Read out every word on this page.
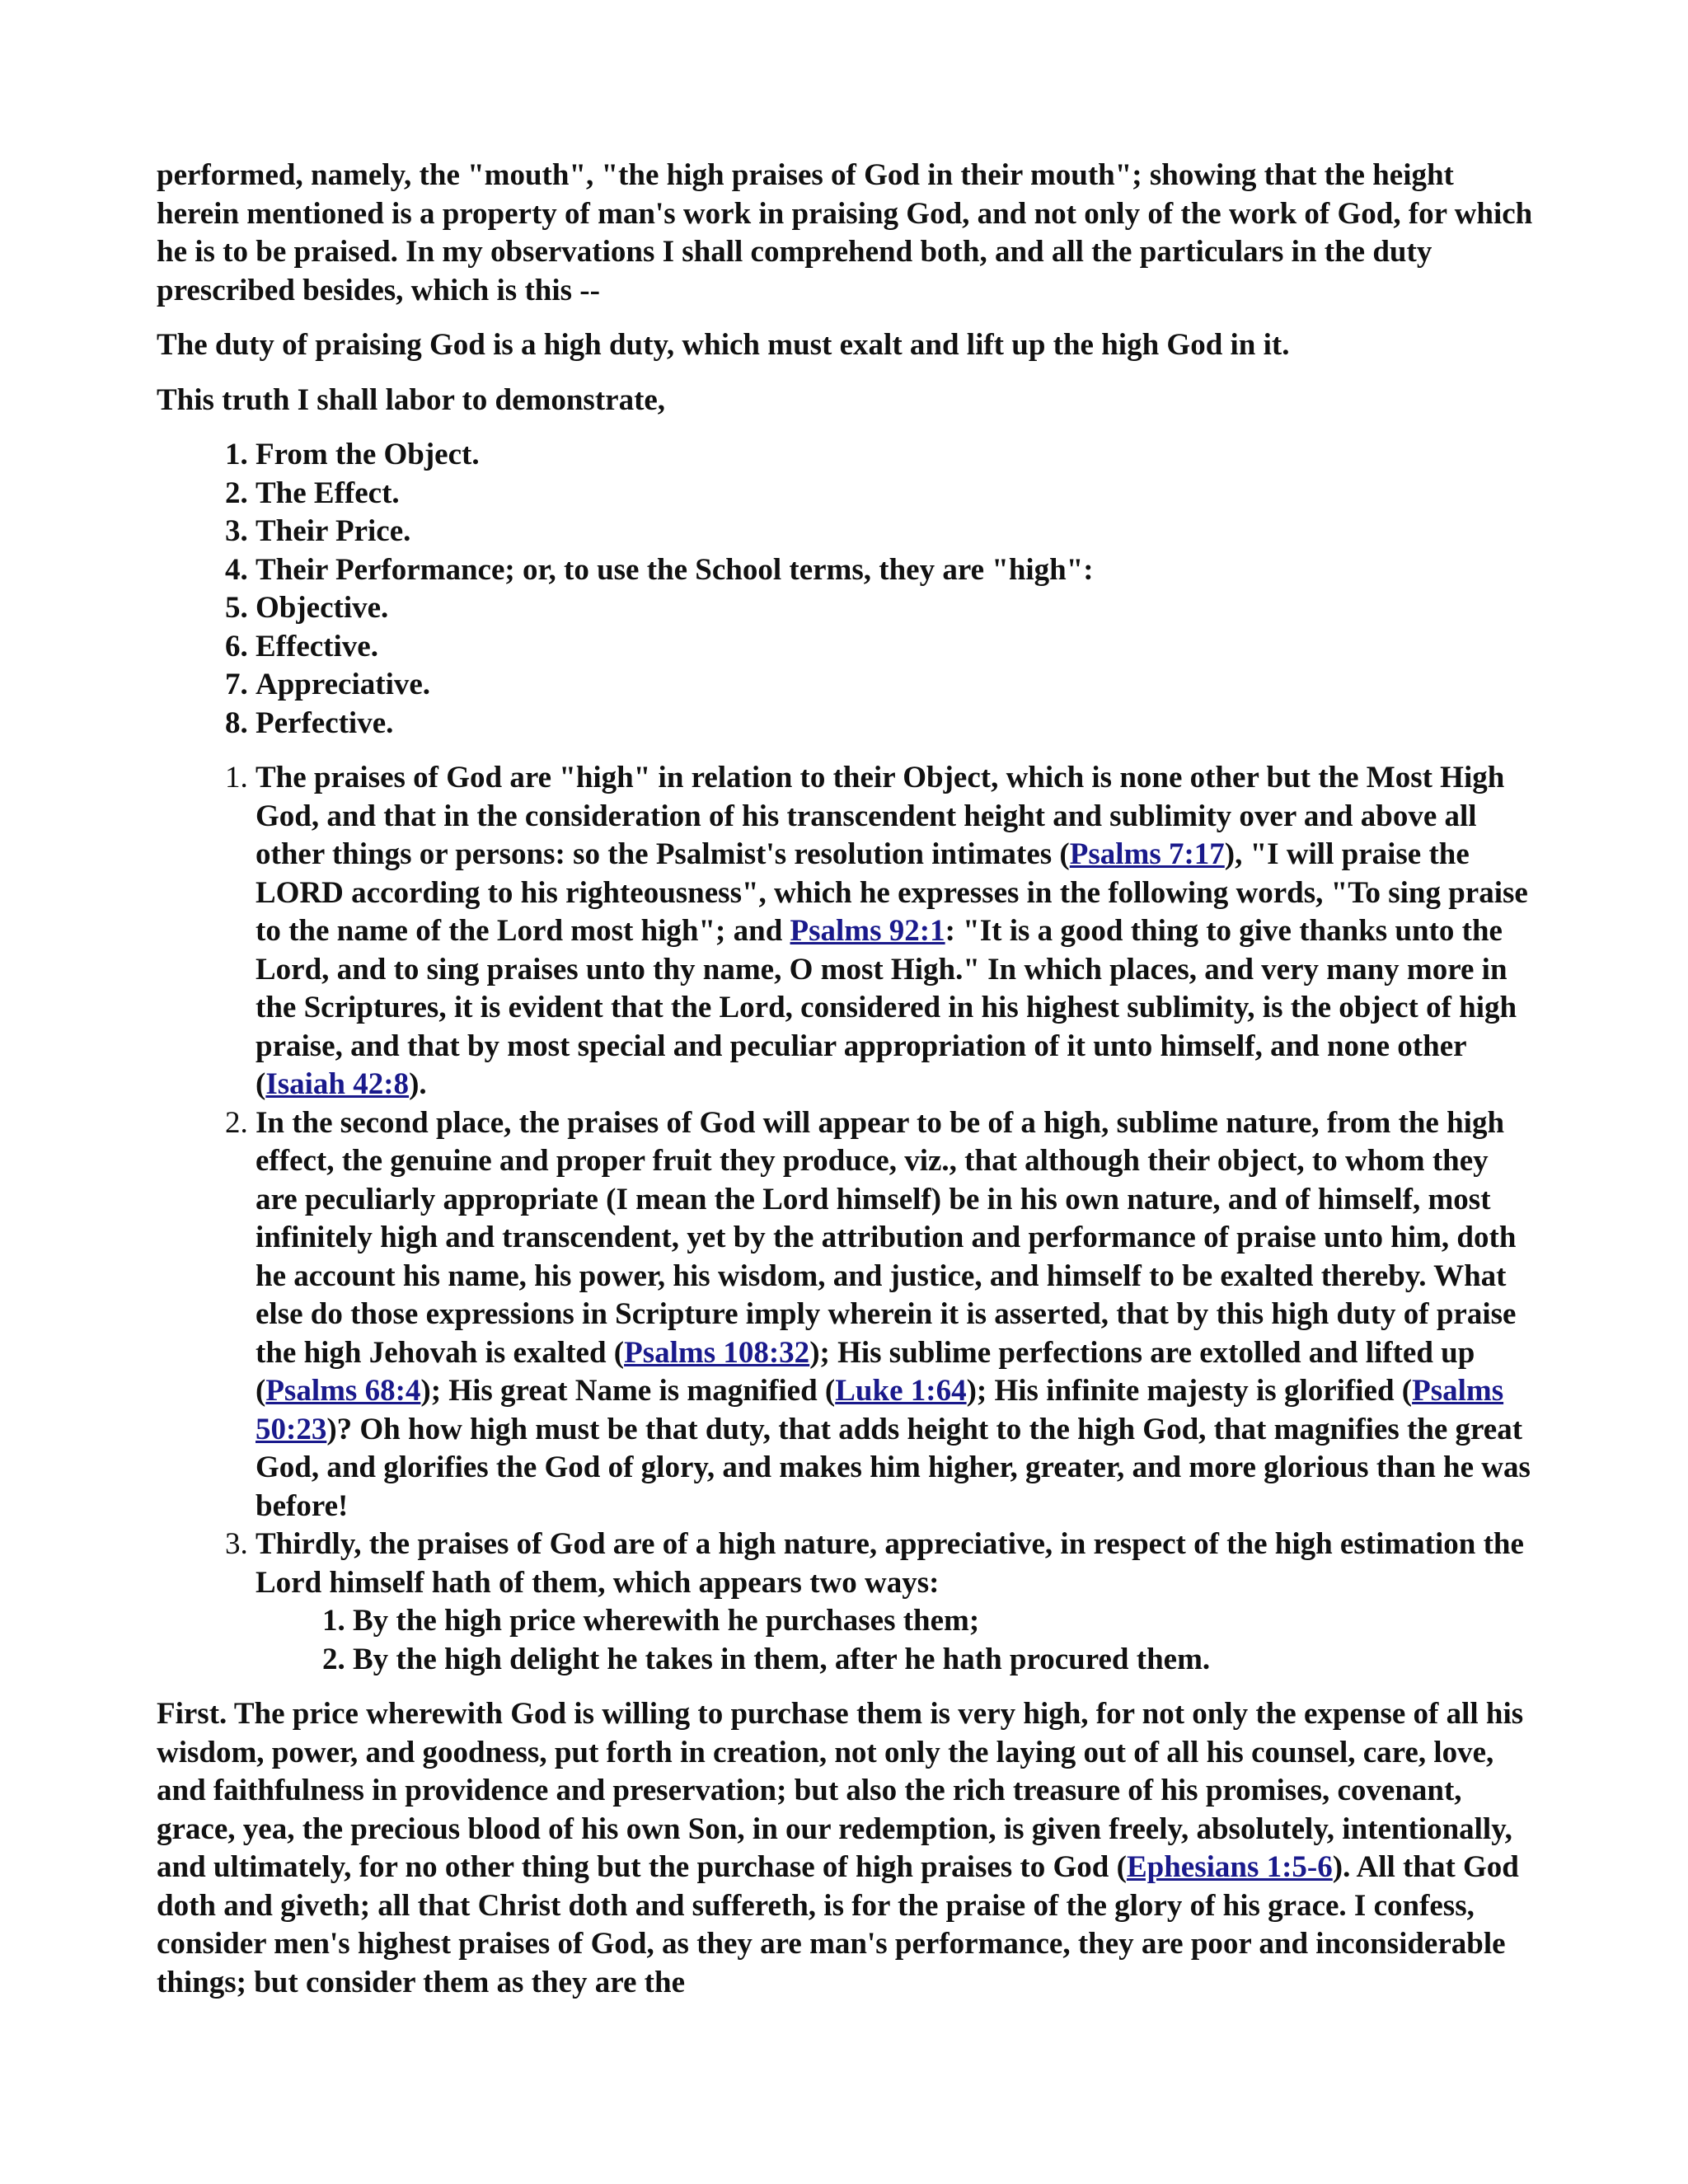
performed, namely, the "mouth", "the high praises of God in their mouth"; showing that the height herein mentioned is a property of man's work in praising God, and not only of the work of God, for which he is to be praised. In my observations I shall comprehend both, and all the particulars in the duty prescribed besides, which is this --

The duty of praising God is a high duty, which must exalt and lift up the high God in it.

This truth I shall labor to demonstrate,

1. From the Object.
2. The Effect.
3. Their Price.
4. Their Performance; or, to use the School terms, they are "high":
5. Objective.
6. Effective.
7. Appreciative.
8. Perfective.
1. The praises of God are "high" in relation to their Object, which is none other but the Most High God, and that in the consideration of his transcendent height and sublimity over and above all other things or persons: so the Psalmist's resolution intimates (Psalms 7:17), "I will praise the LORD according to his righteousness", which he expresses in the following words, "To sing praise to the name of the Lord most high"; and Psalms 92:1: "It is a good thing to give thanks unto the Lord, and to sing praises unto thy name, O most High." In which places, and very many more in the Scriptures, it is evident that the Lord, considered in his highest sublimity, is the object of high praise, and that by most special and peculiar appropriation of it unto himself, and none other (Isaiah 42:8).
2. In the second place, the praises of God will appear to be of a high, sublime nature, from the high effect, the genuine and proper fruit they produce, viz., that although their object, to whom they are peculiarly appropriate (I mean the Lord himself) be in his own nature, and of himself, most infinitely high and transcendent, yet by the attribution and performance of praise unto him, doth he account his name, his power, his wisdom, and justice, and himself to be exalted thereby. What else do those expressions in Scripture imply wherein it is asserted, that by this high duty of praise the high Jehovah is exalted (Psalms 108:32); His sublime perfections are extolled and lifted up (Psalms 68:4); His great Name is magnified (Luke 1:64); His infinite majesty is glorified (Psalms 50:23)? Oh how high must be that duty, that adds height to the high God, that magnifies the great God, and glorifies the God of glory, and makes him higher, greater, and more glorious than he was before!
3. Thirdly, the praises of God are of a high nature, appreciative, in respect of the high estimation the Lord himself hath of them, which appears two ways:
1. By the high price wherewith he purchases them;
2. By the high delight he takes in them, after he hath procured them.

First. The price wherewith God is willing to purchase them is very high, for not only the expense of all his wisdom, power, and goodness, put forth in creation, not only the laying out of all his counsel, care, love, and faithfulness in providence and preservation; but also the rich treasure of his promises, covenant, grace, yea, the precious blood of his own Son, in our redemption, is given freely, absolutely, intentionally, and ultimately, for no other thing but the purchase of high praises to God (Ephesians 1:5-6). All that God doth and giveth; all that Christ doth and suffereth, is for the praise of the glory of his grace. I confess, consider men's highest praises of God, as they are man's performance, they are poor and inconsiderable things; but consider them as they are the
